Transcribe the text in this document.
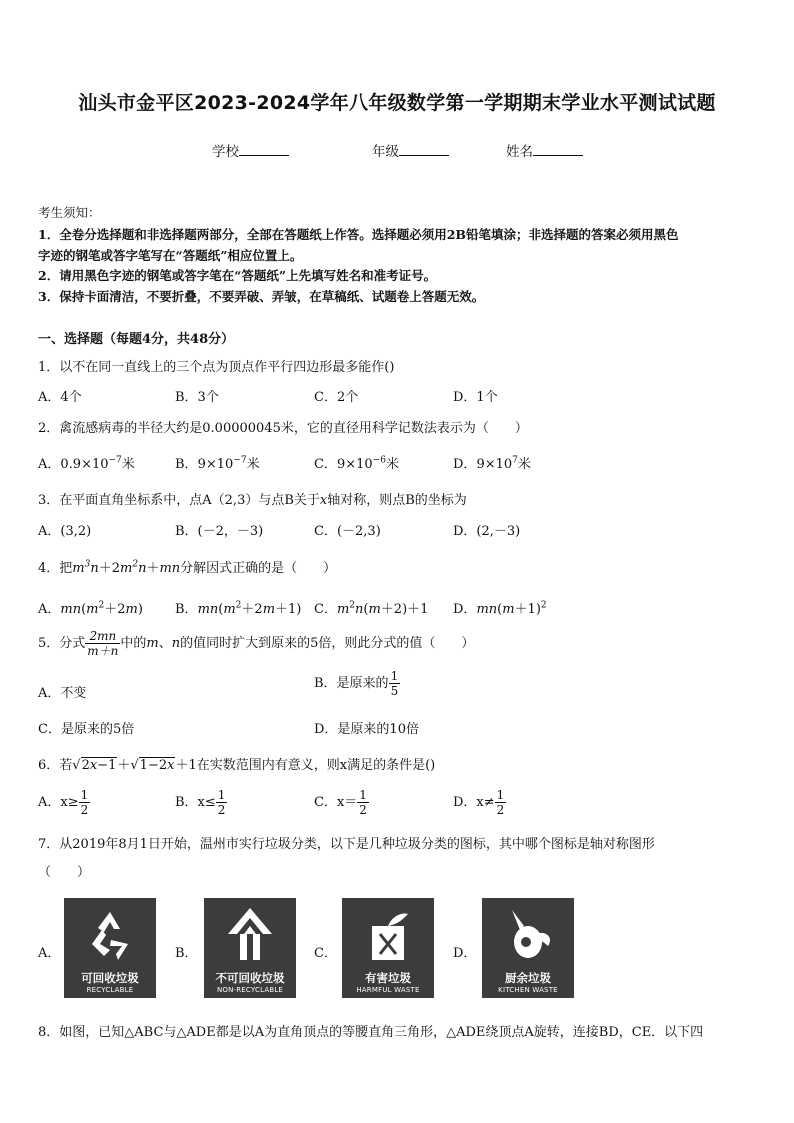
汕头市金平区2023-2024学年八年级数学第一学期期末学业水平测试试题
学校	年级	姓名
考生须知：
1．全卷分选择题和非选择题两部分，全部在答题纸上作答。选择题必须用2B铅笔填涂；非选择题的答案必须用黑色
字迹的钢笔或答字笔写在“答题纸”相应位置上。
2．请用黑色字迹的钢笔或答字笔在“答题纸”上先填写姓名和准考证号。
3．保持卡面清洁，不要折叠，不要弄破、弄皱，在草稿纸、试题卷上答题无效。
一、选择题（每题4分，共48分）
1．以不在同一直线上的三个点为顶点作平行四边形最多能作()
A．4个	B．3个	C．2个	D．1个
2．禽流感病毒的半径大约是0.00000045米，它的直径用科学记数法表示为（　　）
A．$0.9\times 10^{-7}$米	B．$9\times 10^{-7}$米	C．$9\times 10^{-6}$米	D．$9\times 10^7$米
3．在平面直角坐标系中，点A（2,3）与点B关于x轴对称，则点B的坐标为
A．(3,2)	B．(－2，－3)	C．(－2,3)	D．(2,－3)
4．把$m^3n+2m^2n+mn$分解因式正确的是（　　）
A．$mn(m^2+2m)$ B．$mn(m^2+2m+1)$ C．$m^2n(m+2)+1$ D．$mn(m+1)^2$
5．分式 $\frac{2mn}{m+n}$ 中的m、n的值同时扩大到原来的5倍，则此分式的值（　　）
A．不变
B．是原来的 $\frac{1}{5}$
C．是原来的5倍	D．是原来的10倍
6．若√2x−1＋√1−2x＋1在实数范围内有意义，则x满足的条件是()
A．$x\ge \frac{1}{2}$	B．$x\le \frac{1}{2}$	C．$x= \frac{1}{2}$	D．$x\ne \frac{1}{2}$
7．从2019年8月1日开始，温州市实行垃圾分类，以下是几种垃圾分类的图标，其中哪个图标是轴对称图形
（　　）
A．	B．	C．	D．
可回收垃圾
RECYCLABLE
不可回收垃圾
NON-RECYCLABLE
有害垃圾
HARMFUL WASTE
厨余垃圾
KITCHEN WASTE
8．如图，已知△ABC与△ADE都是以A为直角顶点的等腰直角三角形，△ADE绕顶点A旋转，连接BD，CE．以下四
